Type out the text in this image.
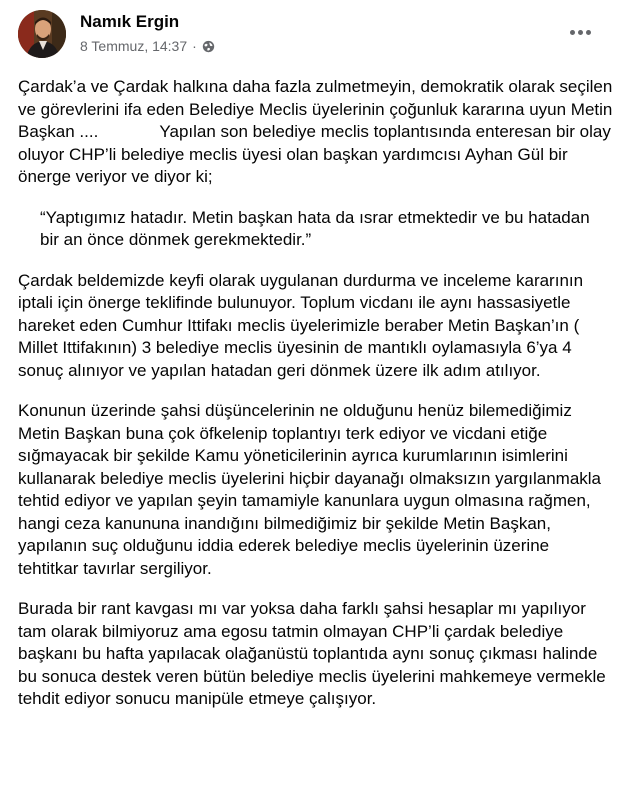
Namık Ergin
8 Temmuz, 14:37 ·

Çardak’a ve Çardak halkına daha fazla zulmetmeyin, demokratik olarak seçilen ve görevlerini ifa eden Belediye Meclis üyelerinin çoğunluk kararına uyun Metin Başkan ....             Yapılan son belediye meclis toplantısında enteresan bir olay oluyor CHP’li belediye meclis üyesi olan başkan yardımcısı Ayhan Gül bir önerge veriyor ve diyor ki;

“Yaptıgımız hatadır. Metin başkan hata da ısrar etmektedir ve bu hatadan bir an önce dönmek gerekmektedir.”

Çardak beldemizde keyfi olarak uygulanan durdurma ve inceleme kararının iptali için önerge teklifinde bulunuyor. Toplum vicdanı ile aynı hassasiyetle hareket eden Cumhur Ittifakı meclis üyelerimizle beraber Metin Başkan’ın ( Millet Ittifakının) 3 belediye meclis üyesinin de mantıklı oylamasıyla 6’ya 4  sonuç alınıyor ve yapılan hatadan geri dönmek üzere ilk adım atılıyor.

Konunun üzerinde şahsi düşüncelerinin ne olduğunu henüz bilemediğimiz Metin Başkan buna çok öfkelenip toplantıyı terk ediyor ve vicdani etiğe sığmayacak bir şekilde Kamu yöneticilerinin ayrıca kurumlarının isimlerini kullanarak belediye meclis üyelerini hiçbir dayanağı olmaksızın yargılanmakla tehtid ediyor ve yapılan şeyin tamamiyle kanunlara uygun olmasına rağmen, hangi ceza kanununa inandığını bilmediğimiz bir şekilde Metin Başkan, yapılanın suç olduğunu iddia ederek belediye meclis üyelerinin üzerine tehtitkar tavırlar sergiliyor.

Burada bir rant kavgası mı var yoksa daha farklı şahsi hesaplar mı yapılıyor tam olarak bilmiyoruz ama egosu tatmin olmayan CHP’li çardak belediye başkanı bu hafta yapılacak olağanüstü toplantıda aynı sonuç çıkması halinde bu sonuca destek veren bütün belediye meclis üyelerini mahkemeye vermekle tehdit ediyor sonucu manipüle etmeye çalışıyor.
